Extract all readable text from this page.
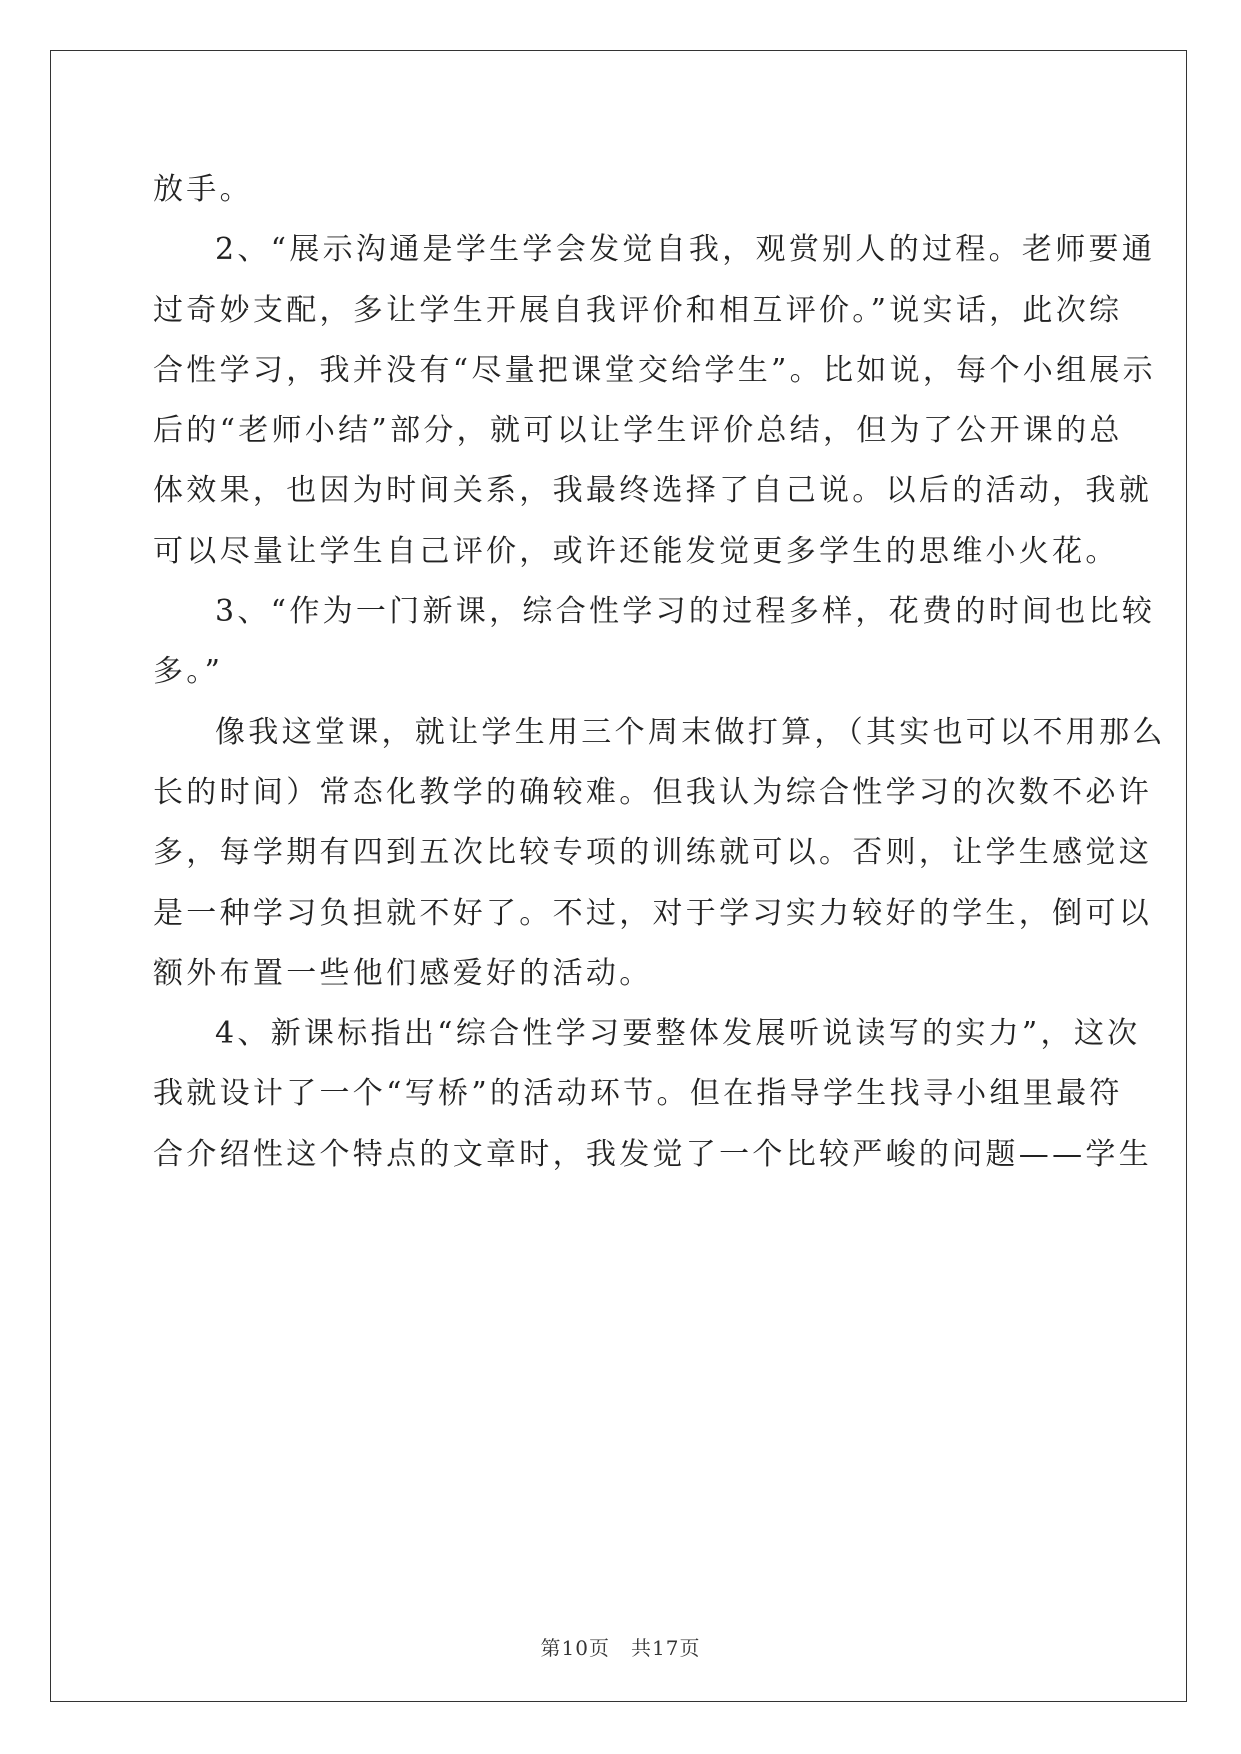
放手。
2、“展示沟通是学生学会发觉自我，观赏别人的过程。老师要通
过奇妙支配，多让学生开展自我评价和相互评价。”说实话，此次综
合性学习，我并没有“尽量把课堂交给学生”。比如说，每个小组展示
后的“老师小结”部分，就可以让学生评价总结，但为了公开课的总
体效果，也因为时间关系，我最终选择了自己说。以后的活动，我就
可以尽量让学生自己评价，或许还能发觉更多学生的思维小火花。
3、“作为一门新课，综合性学习的过程多样，花费的时间也比较
多。”
像我这堂课，就让学生用三个周末做打算，（其实也可以不用那么
长的时间）常态化教学的确较难。但我认为综合性学习的次数不必许
多，每学期有四到五次比较专项的训练就可以。否则，让学生感觉这
是一种学习负担就不好了。不过，对于学习实力较好的学生，倒可以
额外布置一些他们感爱好的活动。
4、新课标指出“综合性学习要整体发展听说读写的实力”，这次
我就设计了一个“写桥”的活动环节。但在指导学生找寻小组里最符
合介绍性这个特点的文章时，我发觉了一个比较严峻的问题——学生
第10页　共17页
